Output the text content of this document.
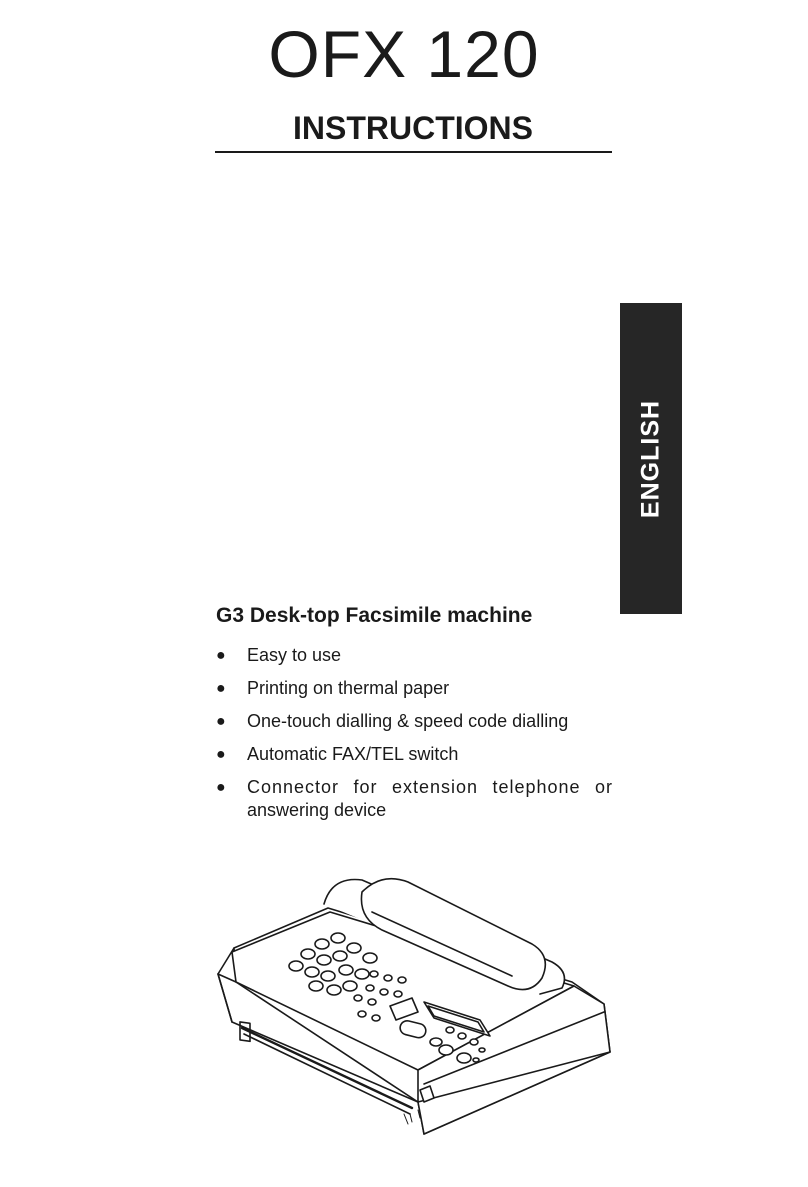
OFX 120
INSTRUCTIONS
ENGLISH
G3 Desk-top Facsimile machine
● Easy to use
● Printing on thermal paper
● One-touch dialling & speed code dialling
● Automatic FAX/TEL switch
● Connector for extension telephone or
answering device
